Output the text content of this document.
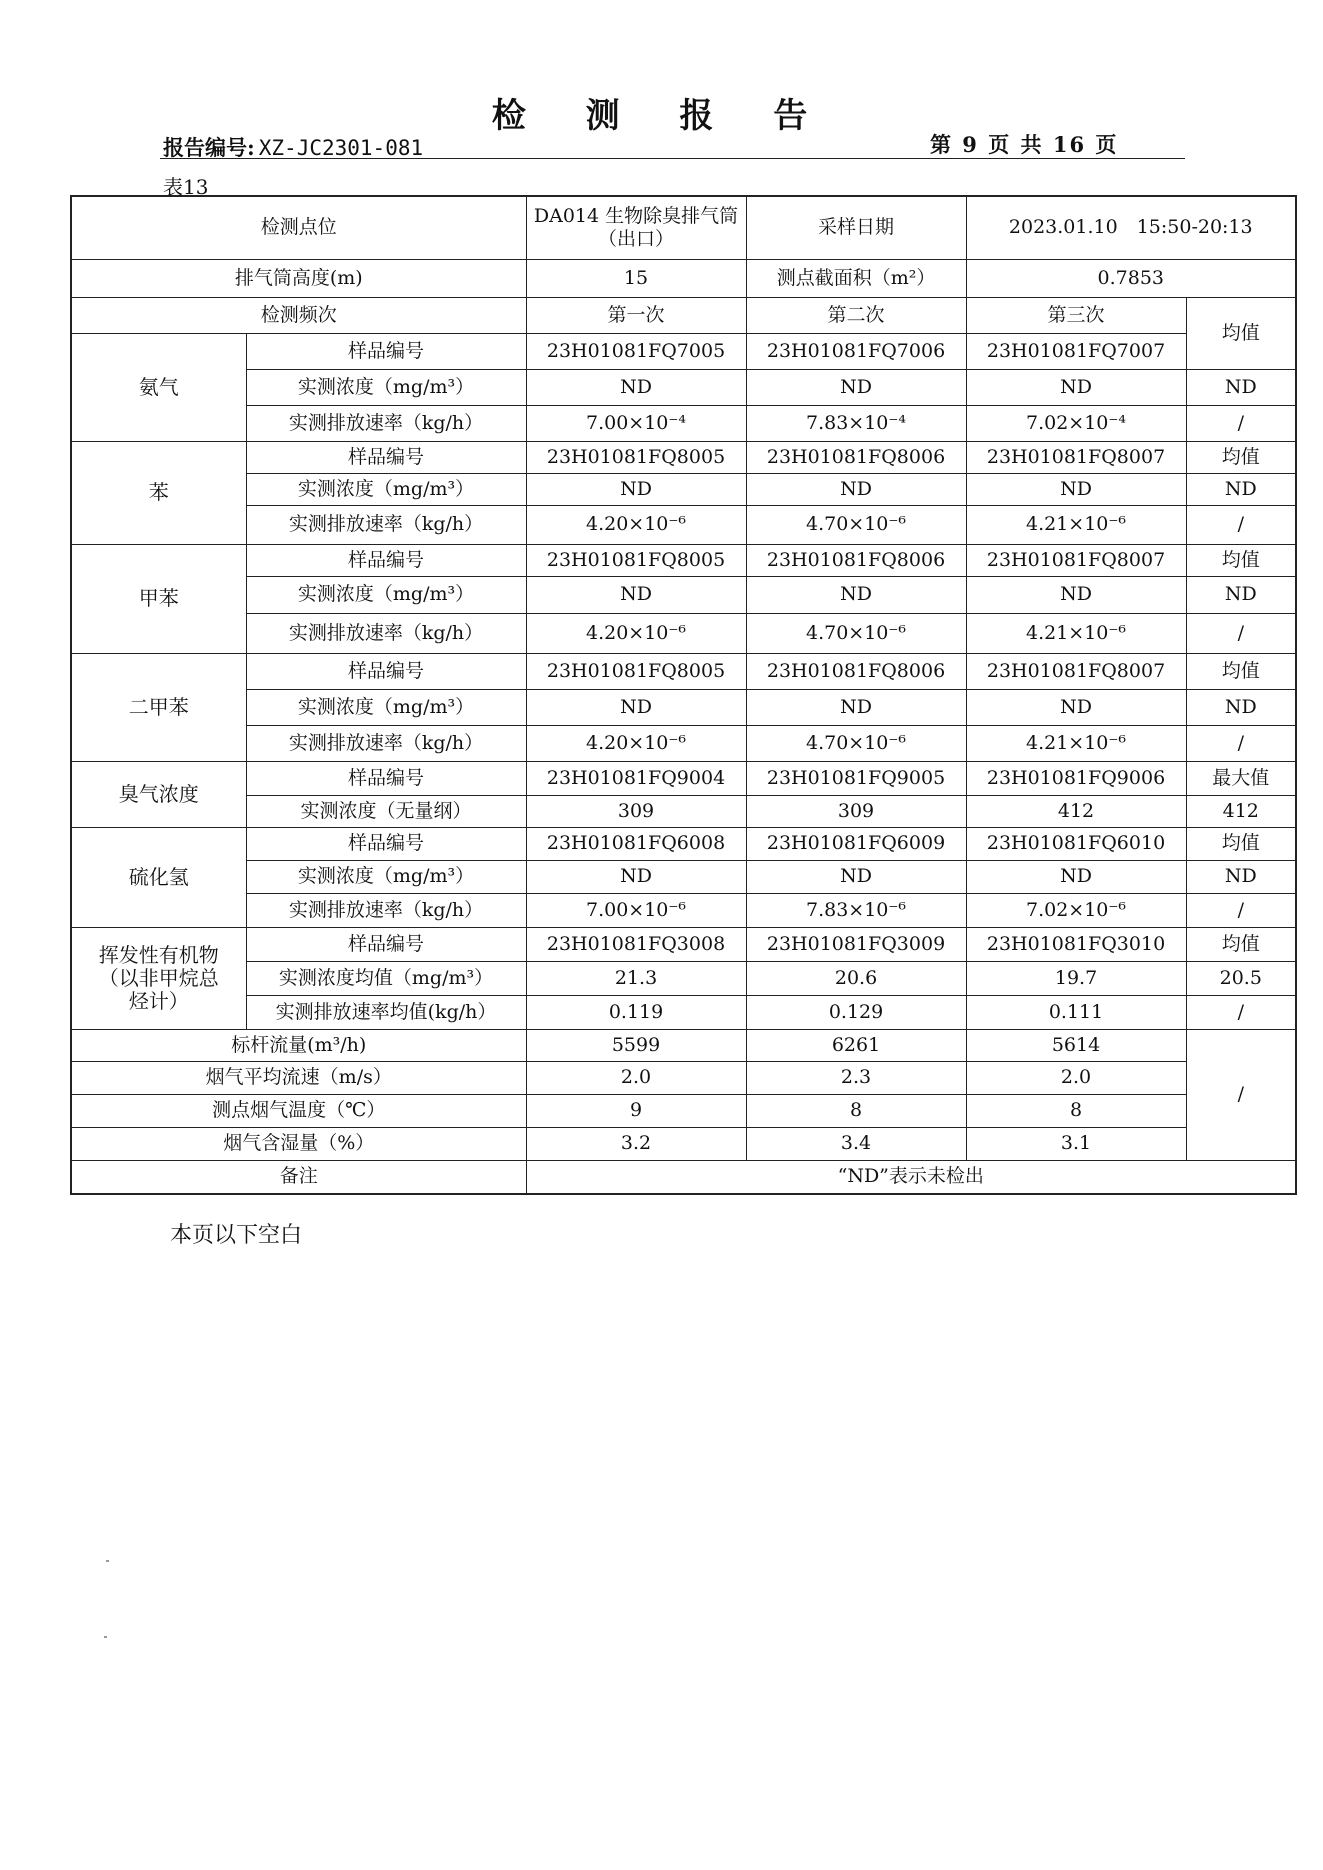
检 测 报 告
报告编号: XZ-JC2301-081	第 9 页 共 16 页
表13
检测点位		DA014 生物除臭排气筒（出口）	采样日期	2023.01.10　15:50-20:13	
排气筒高度(m)		15	测点截面积（m²）	0.7853	
检测频次		第一次	第二次	第三次	均值
氨气	样品编号	23H01081FQ7005	23H01081FQ7006	23H01081FQ7007	
	实测浓度（mg/m³）	ND	ND	ND	ND
	实测排放速率（kg/h）	7.00×10⁻⁴	7.83×10⁻⁴	7.02×10⁻⁴	/
苯	样品编号	23H01081FQ8005	23H01081FQ8006	23H01081FQ8007	均值
	实测浓度（mg/m³）	ND	ND	ND	ND
	实测排放速率（kg/h）	4.20×10⁻⁶	4.70×10⁻⁶	4.21×10⁻⁶	/
甲苯	样品编号	23H01081FQ8005	23H01081FQ8006	23H01081FQ8007	均值
	实测浓度（mg/m³）	ND	ND	ND	ND
	实测排放速率（kg/h）	4.20×10⁻⁶	4.70×10⁻⁶	4.21×10⁻⁶	/
二甲苯	样品编号	23H01081FQ8005	23H01081FQ8006	23H01081FQ8007	均值
	实测浓度（mg/m³）	ND	ND	ND	ND
	实测排放速率（kg/h）	4.20×10⁻⁶	4.70×10⁻⁶	4.21×10⁻⁶	/
臭气浓度	样品编号	23H01081FQ9004	23H01081FQ9005	23H01081FQ9006	最大值
	实测浓度（无量纲）	309	309	412	412
硫化氢	样品编号	23H01081FQ6008	23H01081FQ6009	23H01081FQ6010	均值
	实测浓度（mg/m³）	ND	ND	ND	ND
	实测排放速率（kg/h）	7.00×10⁻⁶	7.83×10⁻⁶	7.02×10⁻⁶	/

挥发性有机物
（以非甲烷总
烃计）	样品编号	23H01081FQ3008	23H01081FQ3009	23H01081FQ3010	均值
	实测浓度均值（mg/m³）	21.3	20.6	19.7	20.5
	实测排放速率均值(kg/h）	0.119	0.129	0.111	/
标杆流量(m³/h)		5599	6261	5614	/
烟气平均流速（m/s）		2.0	2.3	2.0	
测点烟气温度（℃）		9	8	8	
烟气含湿量（%）		3.2	3.4	3.1	
备注		“ND”表示未检出			
本页以下空白
